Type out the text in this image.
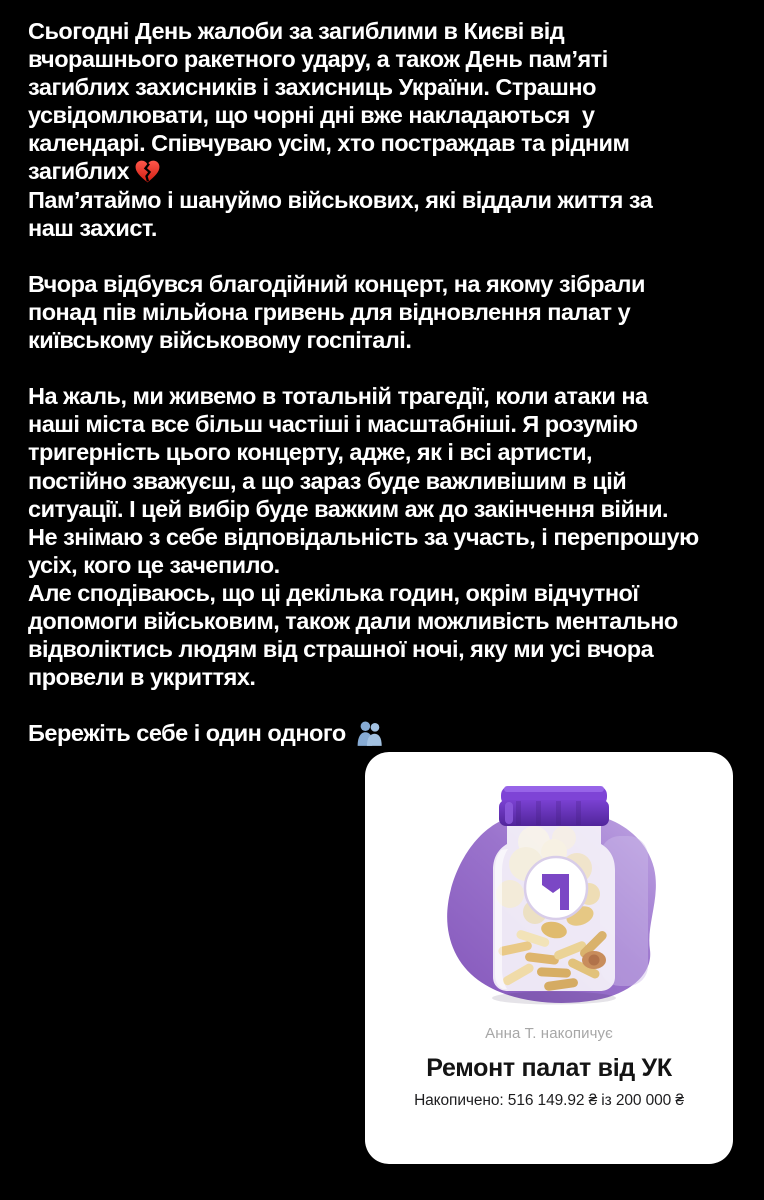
Сьогодні День жалоби за загиблими в Києві від
вчорашнього ракетного удару, а також День пам’яті
загиблих захисників і захисниць України. Страшно
усвідомлювати, що чорні дні вже накладаються  у
календарі. Співчуваю усім, хто постраждав та рідним
загиблих
Пам’ятаймо і шануймо військових, які віддали життя за
наш захист.
Вчора відбувся благодійний концерт, на якому зібрали
понад пів мільйона гривень для відновлення палат у
київському військовому госпіталі.
На жаль, ми живемо в тотальній трагедії, коли атаки на
наші міста все більш частіші і масштабніші. Я розумію
тригерність цього концерту, адже, як і всі артисти,
постійно зважуєш, а що зараз буде важливішим в цій
ситуації. І цей вибір буде важким аж до закінчення війни.
Не знімаю з себе відповідальність за участь, і перепрошую
усіх, кого це зачепило.
Але сподіваюсь, що ці декілька годин, окрім відчутної
допомоги військовим, також дали можливість ментально
відволіктись людям від страшної ночі, яку ми усі вчора
провели в укриттях.
Бережіть себе і один одного
Анна Т. накопичує
Ремонт палат від УК
Накопичено: 516 149.92 ₴ із 200 000 ₴
